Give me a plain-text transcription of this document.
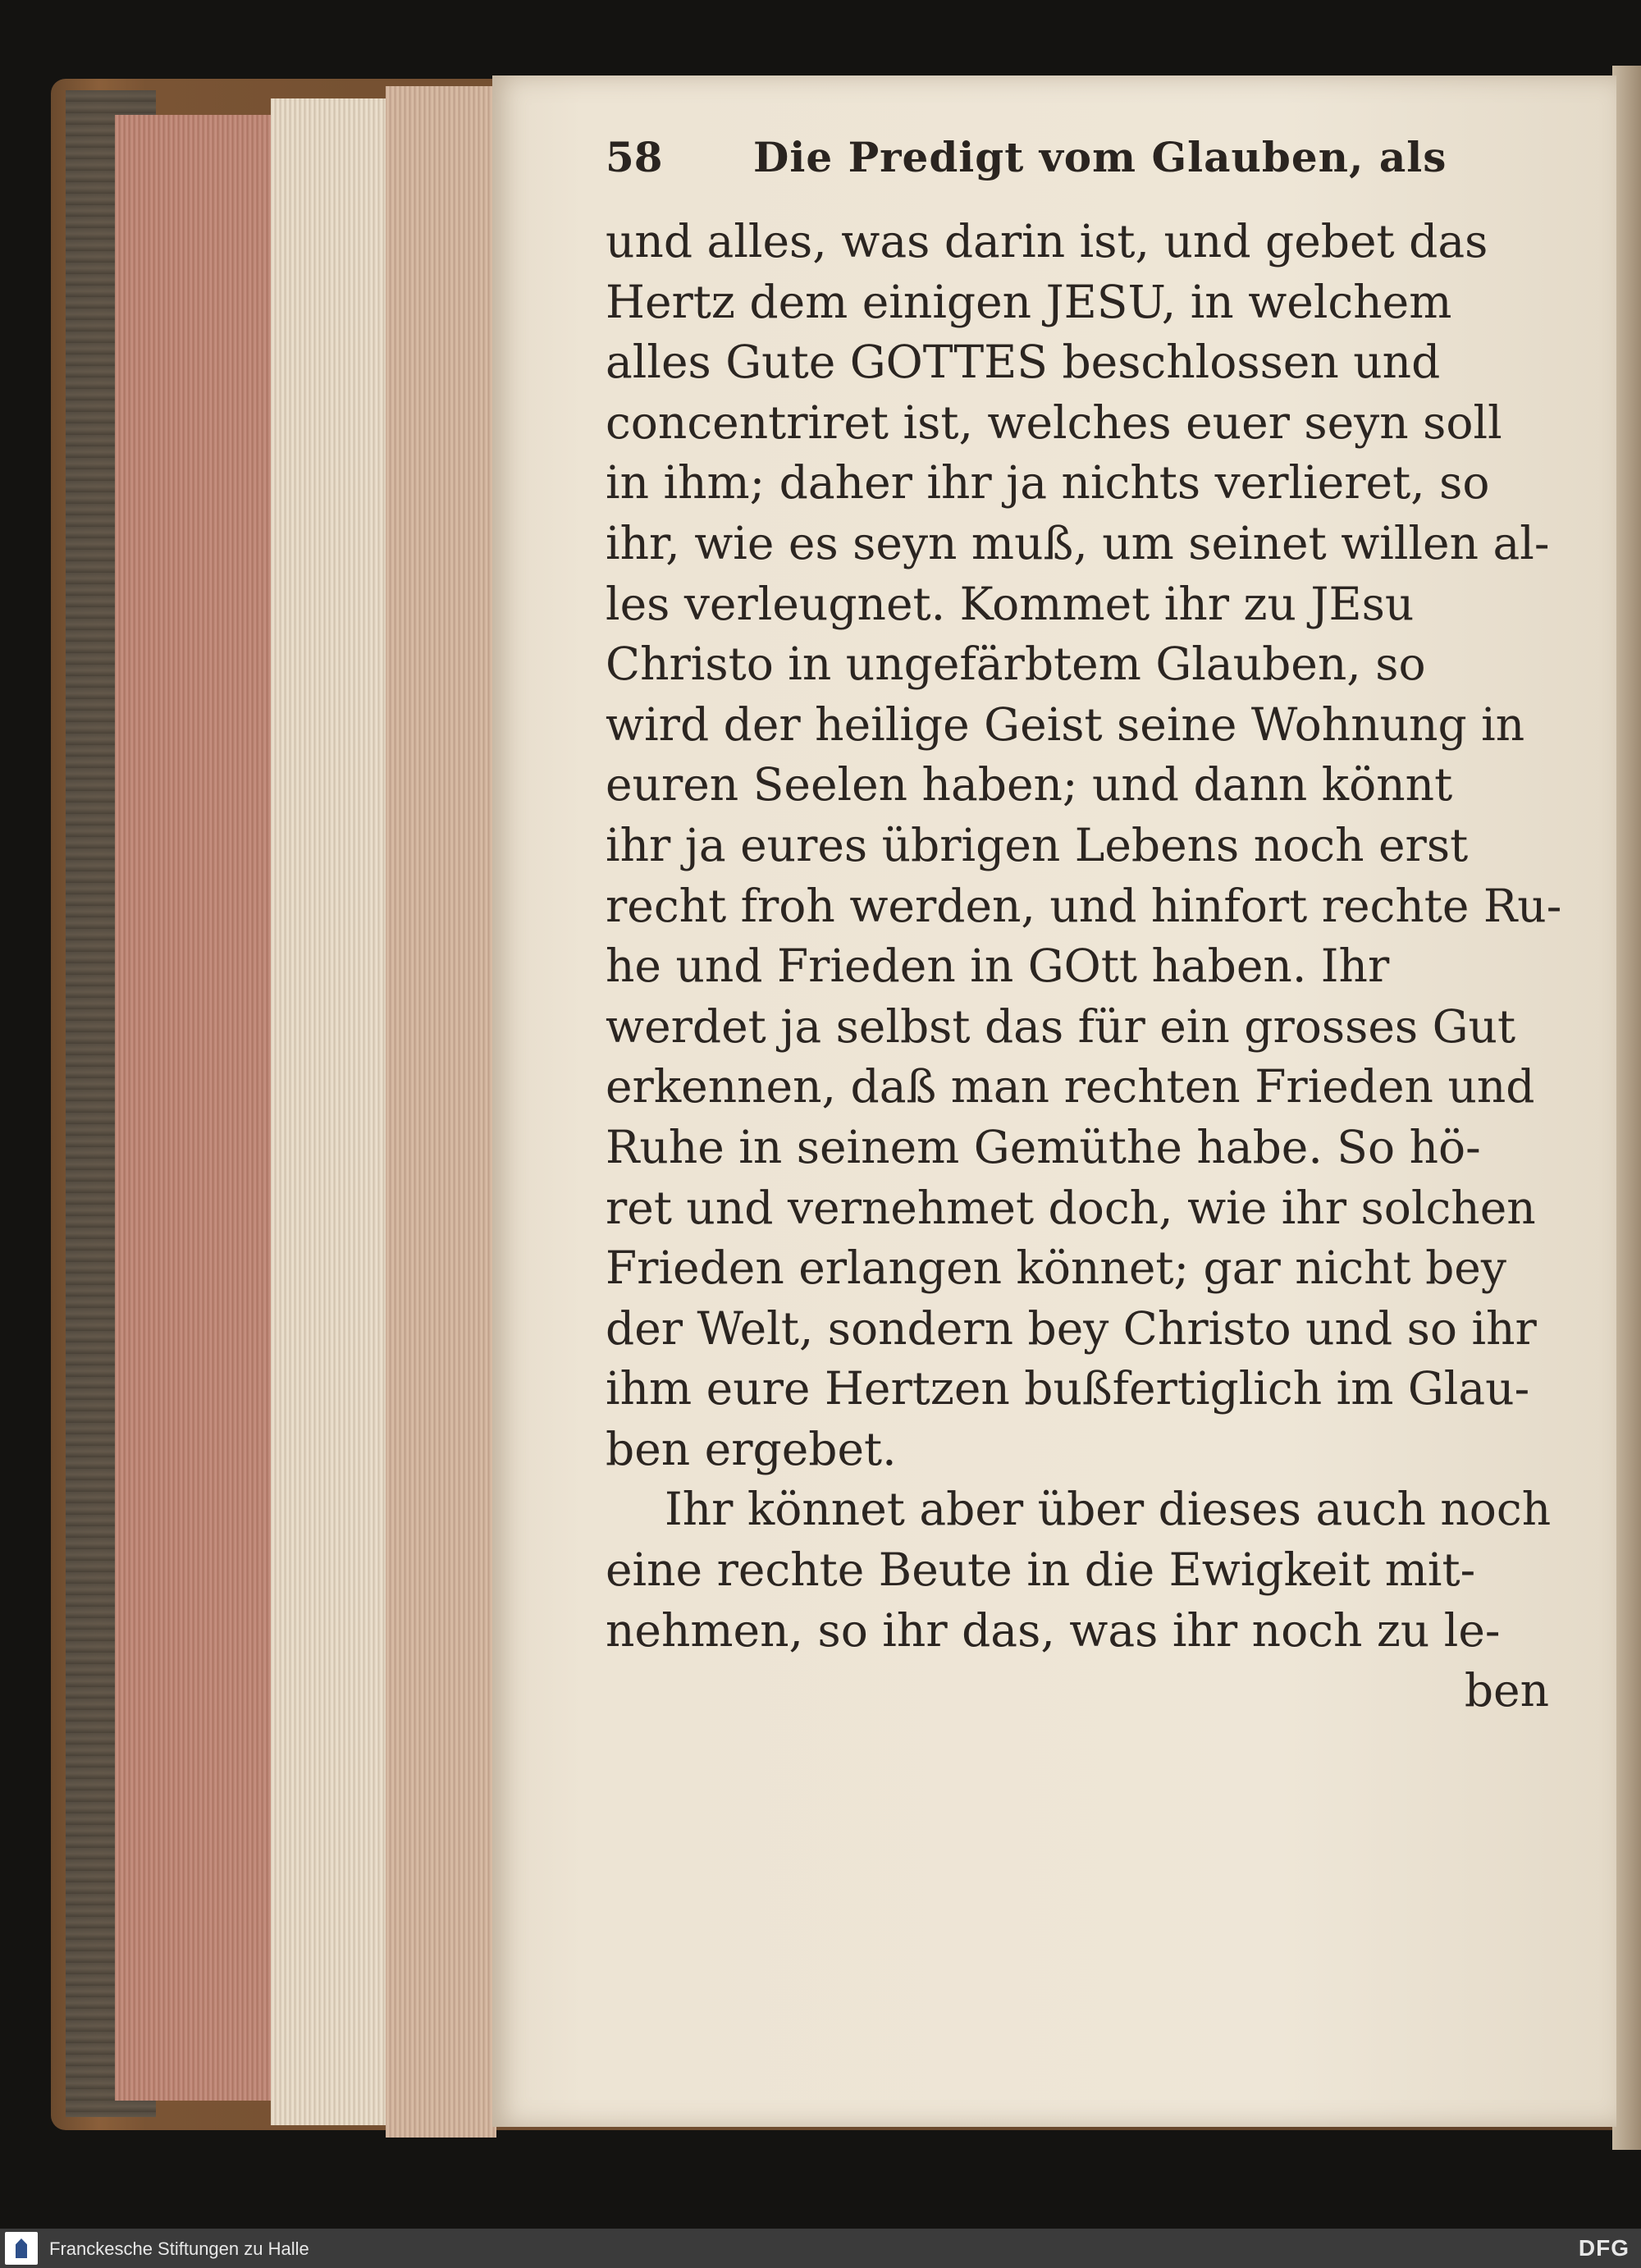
58 Die Predigt vom Glauben, als
und alles, was darin ist, und gebet das
Hertz dem einigen JESU, in welchem
alles Gute GOTTES beschlossen und
concentriret ist, welches euer seyn soll
in ihm; daher ihr ja nichts verlieret, so
ihr, wie es seyn muß, um seinet willen al-
les verleugnet. Kommet ihr zu JEsu
Christo in ungefärbtem Glauben, so
wird der heilige Geist seine Wohnung in
euren Seelen haben; und dann könnt
ihr ja eures übrigen Lebens noch erst
recht froh werden, und hinfort rechte Ru-
he und Frieden in GOtt haben. Ihr
werdet ja selbst das für ein grosses Gut
erkennen, daß man rechten Frieden und
Ruhe in seinem Gemüthe habe. So hö-
ret und vernehmet doch, wie ihr solchen
Frieden erlangen könnet; gar nicht bey
der Welt, sondern bey Christo und so ihr
ihm eure Hertzen bußfertiglich im Glau-
ben ergebet.
Ihr könnet aber über dieses auch noch
eine rechte Beute in die Ewigkeit mit-
nehmen, so ihr das, was ihr noch zu le-
ben
Franckesche Stiftungen zu Halle	DFG
